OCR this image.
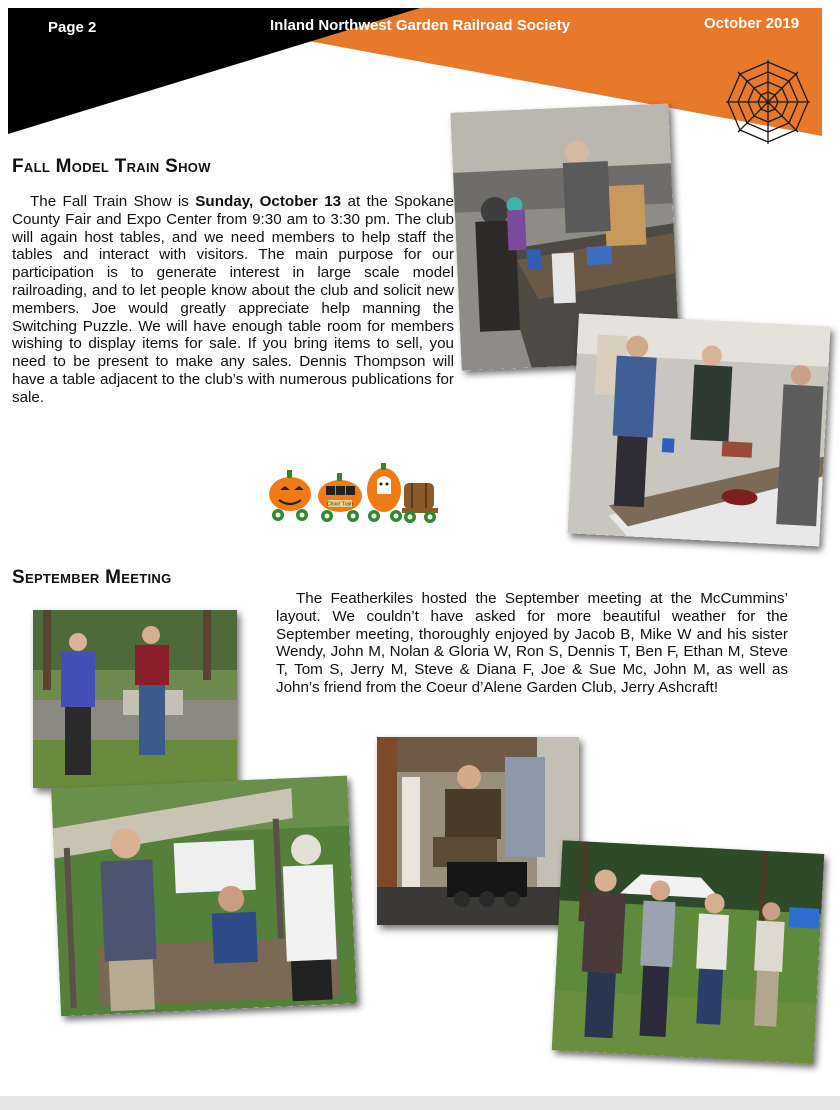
Page 2	Inland Northwest Garden Railroad Society	October 2019
Fall Model Train Show

The Fall Train Show is Sunday, October 13 at the Spokane County Fair and Expo Center from 9:30 am to 3:30 pm. The club will again host tables, and we need members to help staff the tables and interact with visitors. The main purpose for our participation is to generate interest in large scale model railroading, and to let people know about the club and solicit new members. Joe would greatly appreciate help manning the Switching Puzzle. We will have enough table room for members wishing to display items for sale. If you bring items to sell, you need to be present to make any sales. Dennis Thompson will have a table adjacent to the club’s with numerous publications for sale.

Choo! Train
September Meeting

The Featherkiles hosted the September meeting at the McCummins’ layout. We couldn’t have asked for more beautiful weather for the September meeting, thoroughly enjoyed by Jacob B, Mike W and his sister Wendy, John M, Nolan & Gloria W, Ron S, Dennis T, Ben F, Ethan M, Steve T, Tom S, Jerry M, Steve & Diana F, Joe & Sue Mc, John M, as well as John’s friend from the Coeur d’Alene Garden Club, Jerry Ashcraft!
